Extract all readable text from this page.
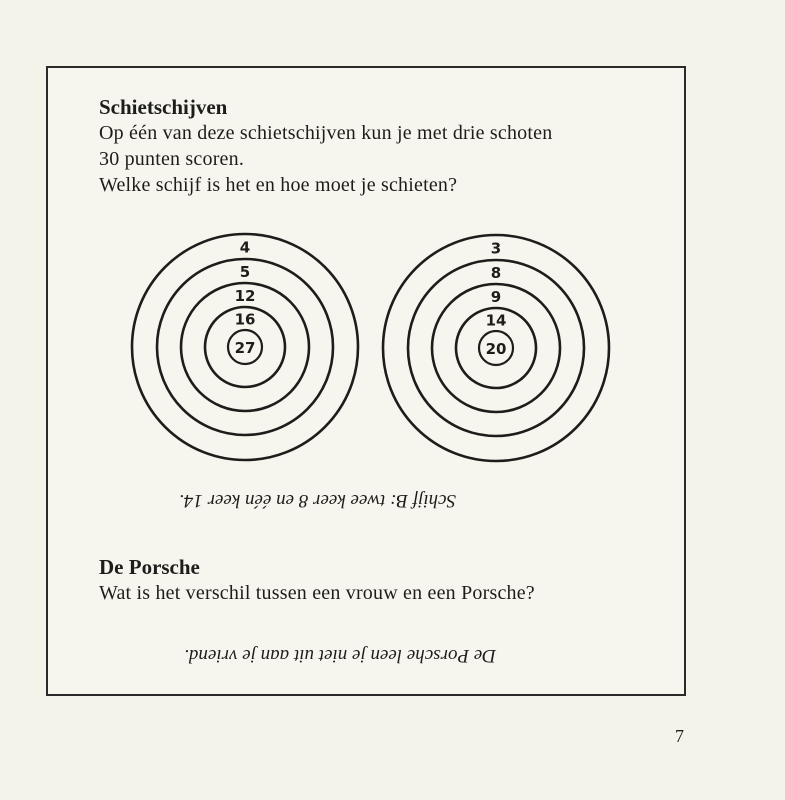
Schietschijven

Op één van deze schietschijven kun je met drie schoten

30 punten scoren.

Welke schijf is het en hoe moet je schieten?

4
5
12
16
27
3
8
9
14
20
Schijf B: twee keer 8 en één keer 14.

De Porsche

Wat is het verschil tussen een vrouw en een Porsche?

De Porsche leen je niet uit aan je vriend.
7
